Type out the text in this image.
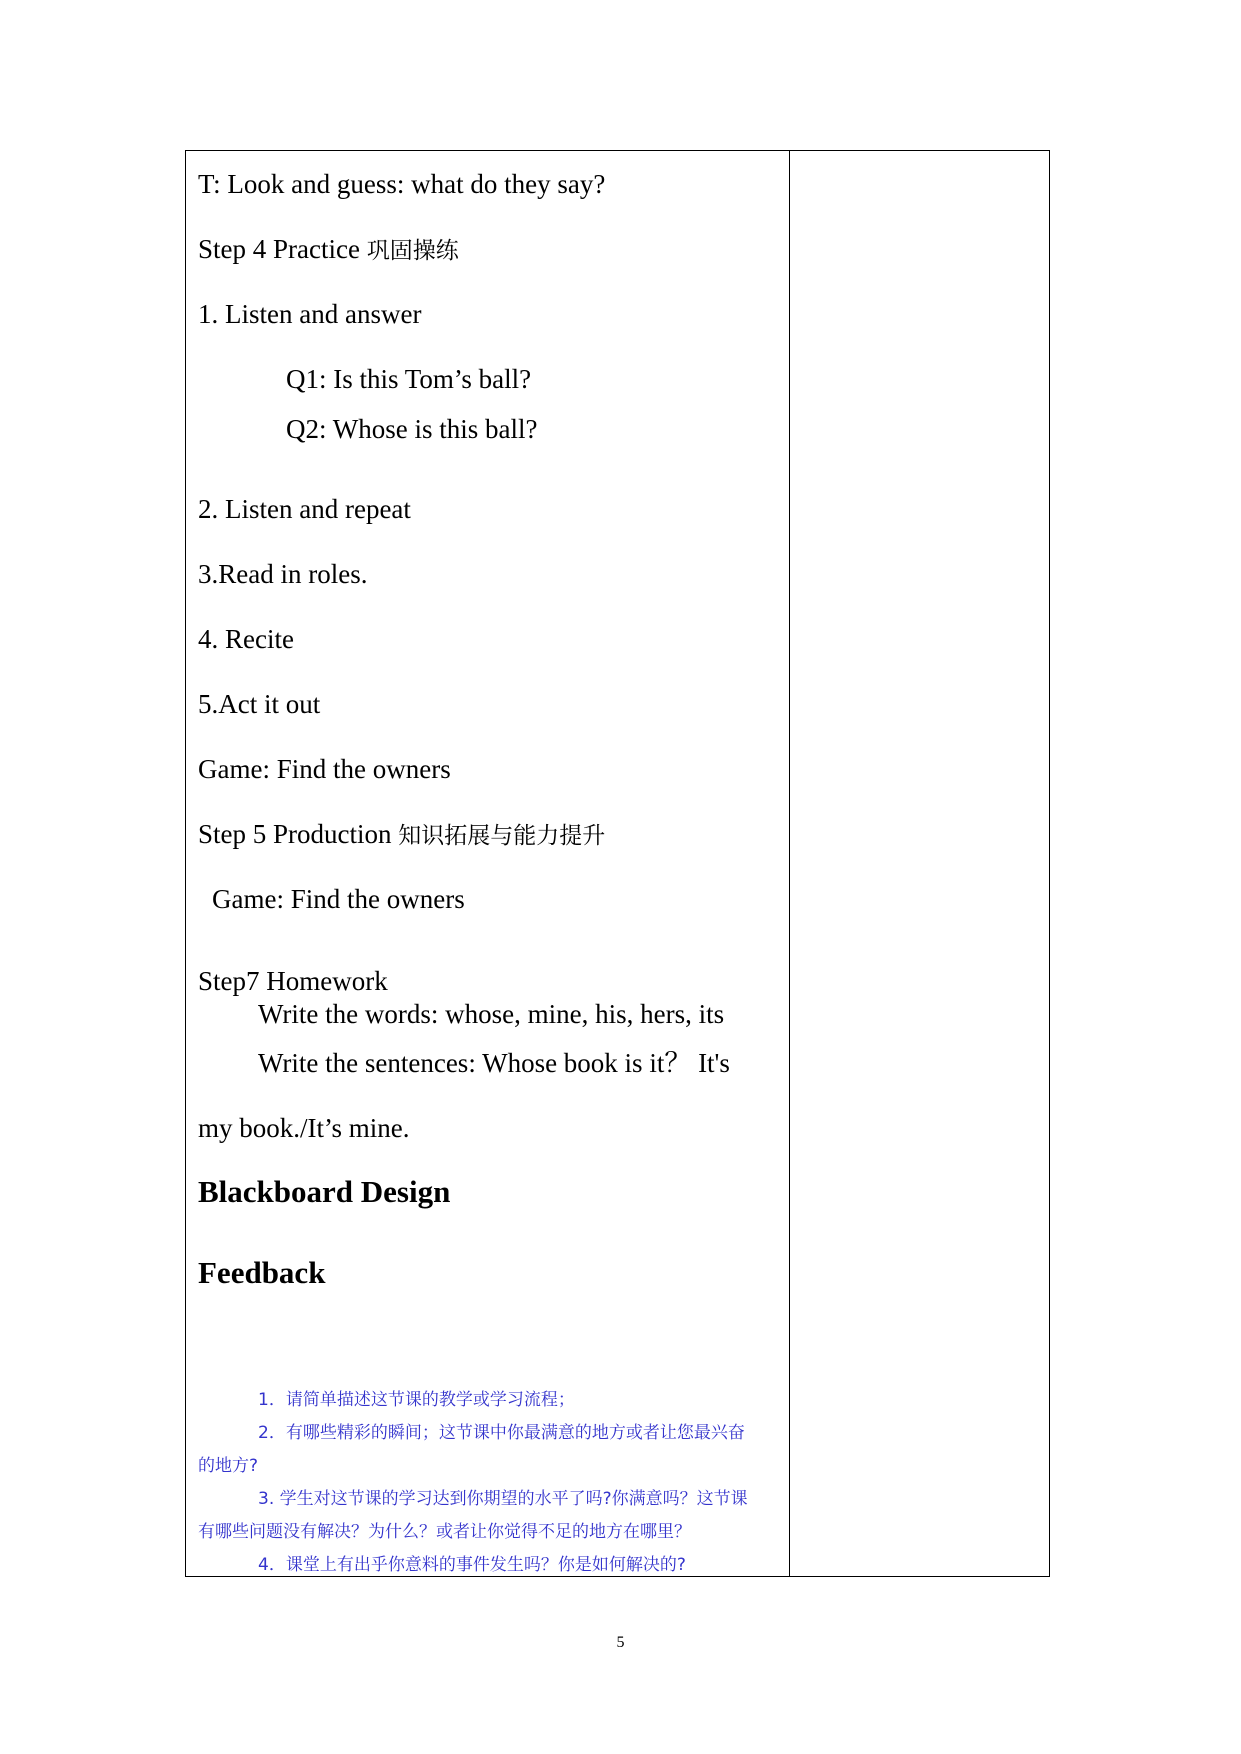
T: Look and guess: what do they say?
Step 4 Practice 巩固操练
1. Listen and answer
Q1: Is this Tom’s ball?
Q2: Whose is this ball?
2. Listen and repeat
3.Read in roles.
4. Recite
5.Act it out
Game: Find the owners
Step 5 Production 知识拓展与能力提升
Game: Find the owners
Step7 Homework
Write the words: whose, mine, his, hers, its
Write the sentences: Whose book is it？ It's
my book./It’s mine.
Blackboard Design
Feedback
1．请简单描述这节课的教学或学习流程；
2．有哪些精彩的瞬间；这节课中你最满意的地方或者让您最兴奋
的地方?
3. 学生对这节课的学习达到你期望的水平了吗?你满意吗？这节课
有哪些问题没有解决？为什么？或者让你觉得不足的地方在哪里？
4．课堂上有出乎你意料的事件发生吗？你是如何解决的?
5
